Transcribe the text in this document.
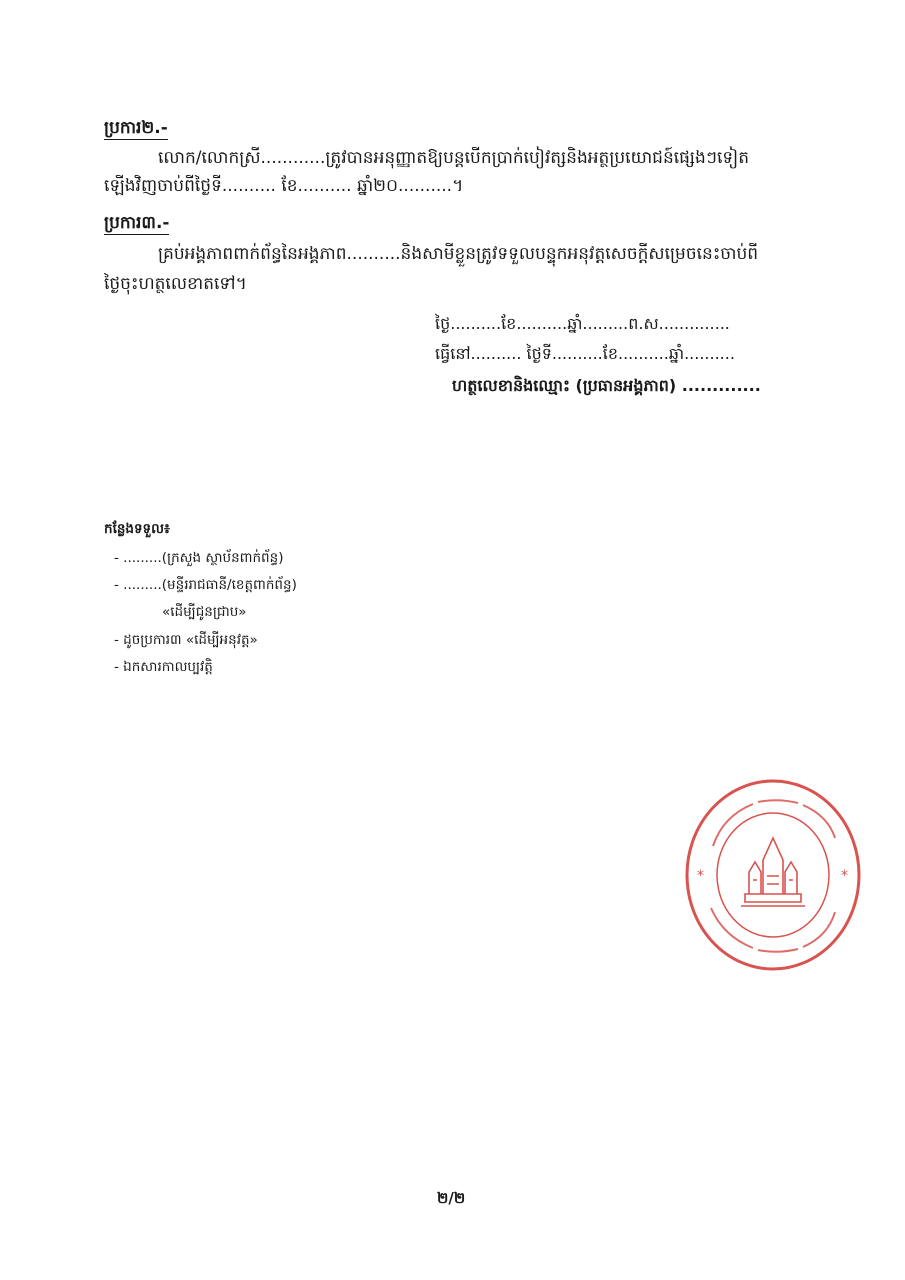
ប្រការ២.-
លោក/លោកស្រី............ត្រូវបានអនុញ្ញាតឱ្យបន្តបើកប្រាក់បៀវត្សនិងអត្ថប្រយោជន៍ផ្សេងៗទៀត
ឡើងវិញចាប់ពីថ្ងៃទី.......... ខែ.......... ឆ្នាំ២០..........។
ប្រការ៣.-
គ្រប់អង្គភាពពាក់ព័ន្ធនៃអង្គភាព..........និងសាមីខ្លួនត្រូវទទួលបន្ទុកអនុវត្តសេចក្តីសម្រេចនេះចាប់ពី
ថ្ងៃចុះហត្ថលេខាតទៅ។
ថ្ងៃ..........ខែ..........ឆ្នាំ.........ព.ស..............
ធ្វើនៅ.......... ថ្ងៃទី..........ខែ..........ឆ្នាំ..........
ហត្ថលេខានិងឈ្មោះ (ប្រធានអង្គភាព) .............
កន្លែងទទួល៖
- .........(ក្រសួង ស្ថាប័នពាក់ព័ន្ធ)
- .........(មន្ទីររាជធានី/ខេត្តពាក់ព័ន្ធ)
«ដើម្បីជូនជ្រាប»
- ដូចប្រការ៣ «ដើម្បីអនុវត្ត»
- ឯកសារកាលប្បវត្តិ
*	*
២/២
